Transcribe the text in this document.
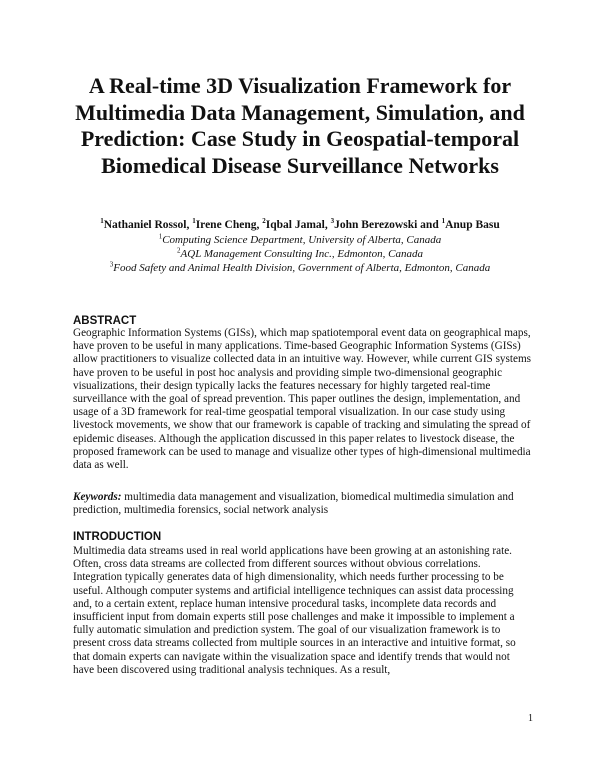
A Real-time 3D Visualization Framework for Multimedia Data Management, Simulation, and Prediction: Case Study in Geospatial-temporal Biomedical Disease Surveillance Networks
$^1$Nathaniel Rossol, $^1$Irene Cheng, $^2$Iqbal Jamal, $^3$John Berezowski and $^1$Anup Basu
$^1$Computing Science Department, University of Alberta, Canada
$^2$AQL Management Consulting Inc., Edmonton, Canada
$^3$Food Safety and Animal Health Division, Government of Alberta, Edmonton, Canada
ABSTRACT

Geographic Information Systems (GISs), which map spatiotemporal event data on geographical maps, have proven to be useful in many applications. Time-based Geographic Information Systems (GISs) allow practitioners to visualize collected data in an intuitive way. However, while current GIS systems have proven to be useful in post hoc analysis and providing simple two-dimensional geographic visualizations, their design typically lacks the features necessary for highly targeted real-time surveillance with the goal of spread prevention. This paper outlines the design, implementation, and usage of a 3D framework for real-time geospatial temporal visualization. In our case study using livestock movements, we show that our framework is capable of tracking and simulating the spread of epidemic diseases. Although the application discussed in this paper relates to livestock disease, the proposed framework can be used to manage and visualize other types of high-dimensional multimedia data as well.

Keywords: multimedia data management and visualization, biomedical multimedia simulation and prediction, multimedia forensics, social network analysis

INTRODUCTION

Multimedia data streams used in real world applications have been growing at an astonishing rate. Often, cross data streams are collected from different sources without obvious correlations. Integration typically generates data of high dimensionality, which needs further processing to be useful. Although computer systems and artificial intelligence techniques can assist data processing and, to a certain extent, replace human intensive procedural tasks, incomplete data records and insufficient input from domain experts still pose challenges and make it impossible to implement a fully automatic simulation and prediction system. The goal of our visualization framework is to present cross data streams collected from multiple sources in an interactive and intuitive format, so that domain experts can navigate within the visualization space and identify trends that would not have been discovered using traditional analysis techniques. As a result,

1
